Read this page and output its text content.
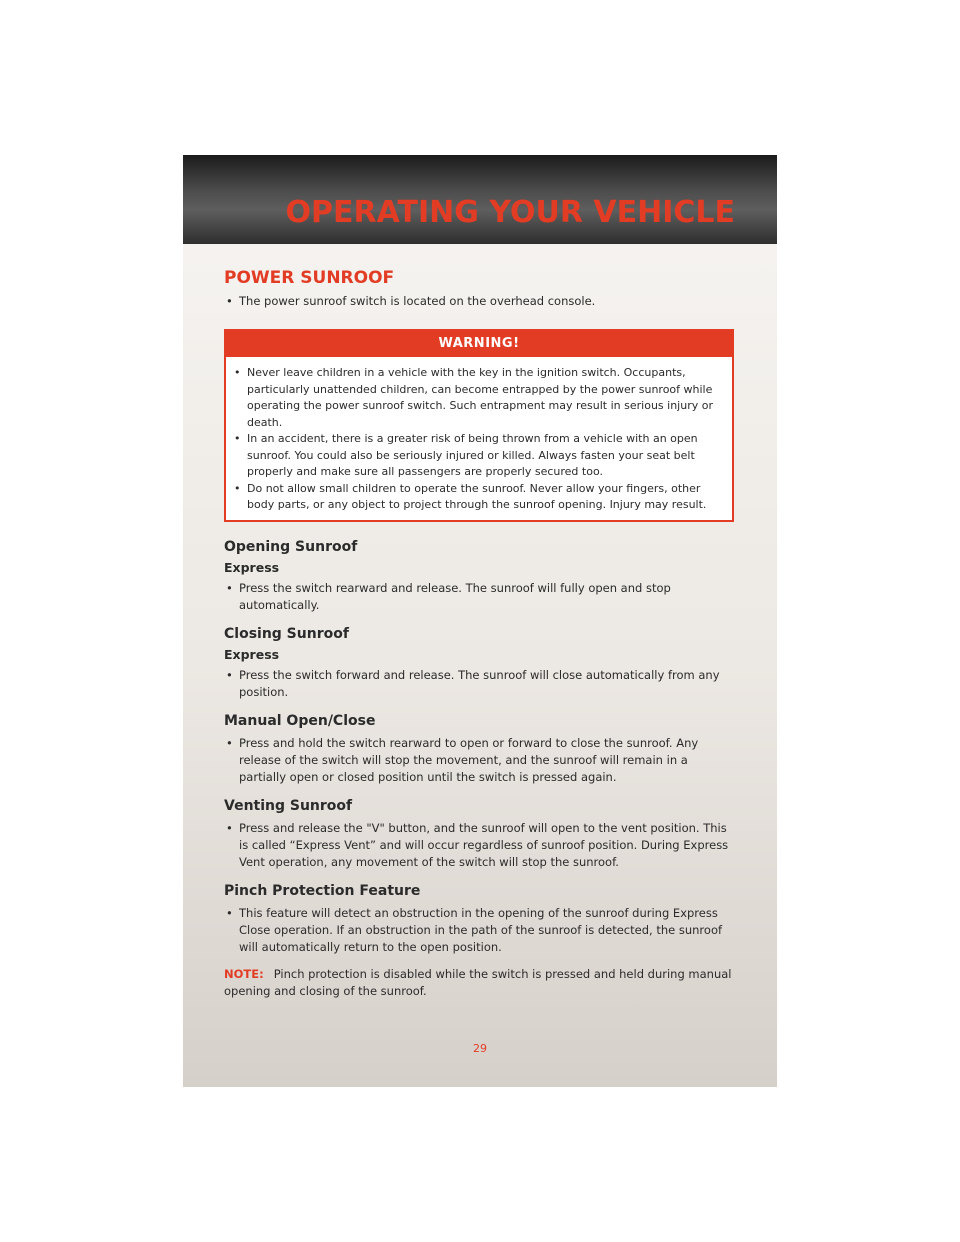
OPERATING YOUR VEHICLE
POWER SUNROOF
• The power sunroof switch is located on the overhead console.
WARNING!
• Never leave children in a vehicle with the key in the ignition switch. Occupants, particularly unattended children, can become entrapped by the power sunroof while operating the power sunroof switch. Such entrapment may result in serious injury or death.
• In an accident, there is a greater risk of being thrown from a vehicle with an open sunroof. You could also be seriously injured or killed. Always fasten your seat belt properly and make sure all passengers are properly secured too.
• Do not allow small children to operate the sunroof. Never allow your fingers, other body parts, or any object to project through the sunroof opening. Injury may result.
Opening Sunroof
Express
• Press the switch rearward and release. The sunroof will fully open and stop automatically.
Closing Sunroof
Express
• Press the switch forward and release. The sunroof will close automatically from any position.
Manual Open/Close
• Press and hold the switch rearward to open or forward to close the sunroof. Any release of the switch will stop the movement, and the sunroof will remain in a partially open or closed position until the switch is pressed again.
Venting Sunroof
• Press and release the "V" button, and the sunroof will open to the vent position. This is called “Express Vent” and will occur regardless of sunroof position. During Express Vent operation, any movement of the switch will stop the sunroof.
Pinch Protection Feature
• This feature will detect an obstruction in the opening of the sunroof during Express Close operation. If an obstruction in the path of the sunroof is detected, the sunroof will automatically return to the open position.

NOTE: Pinch protection is disabled while the switch is pressed and held during manual opening and closing of the sunroof.

29
